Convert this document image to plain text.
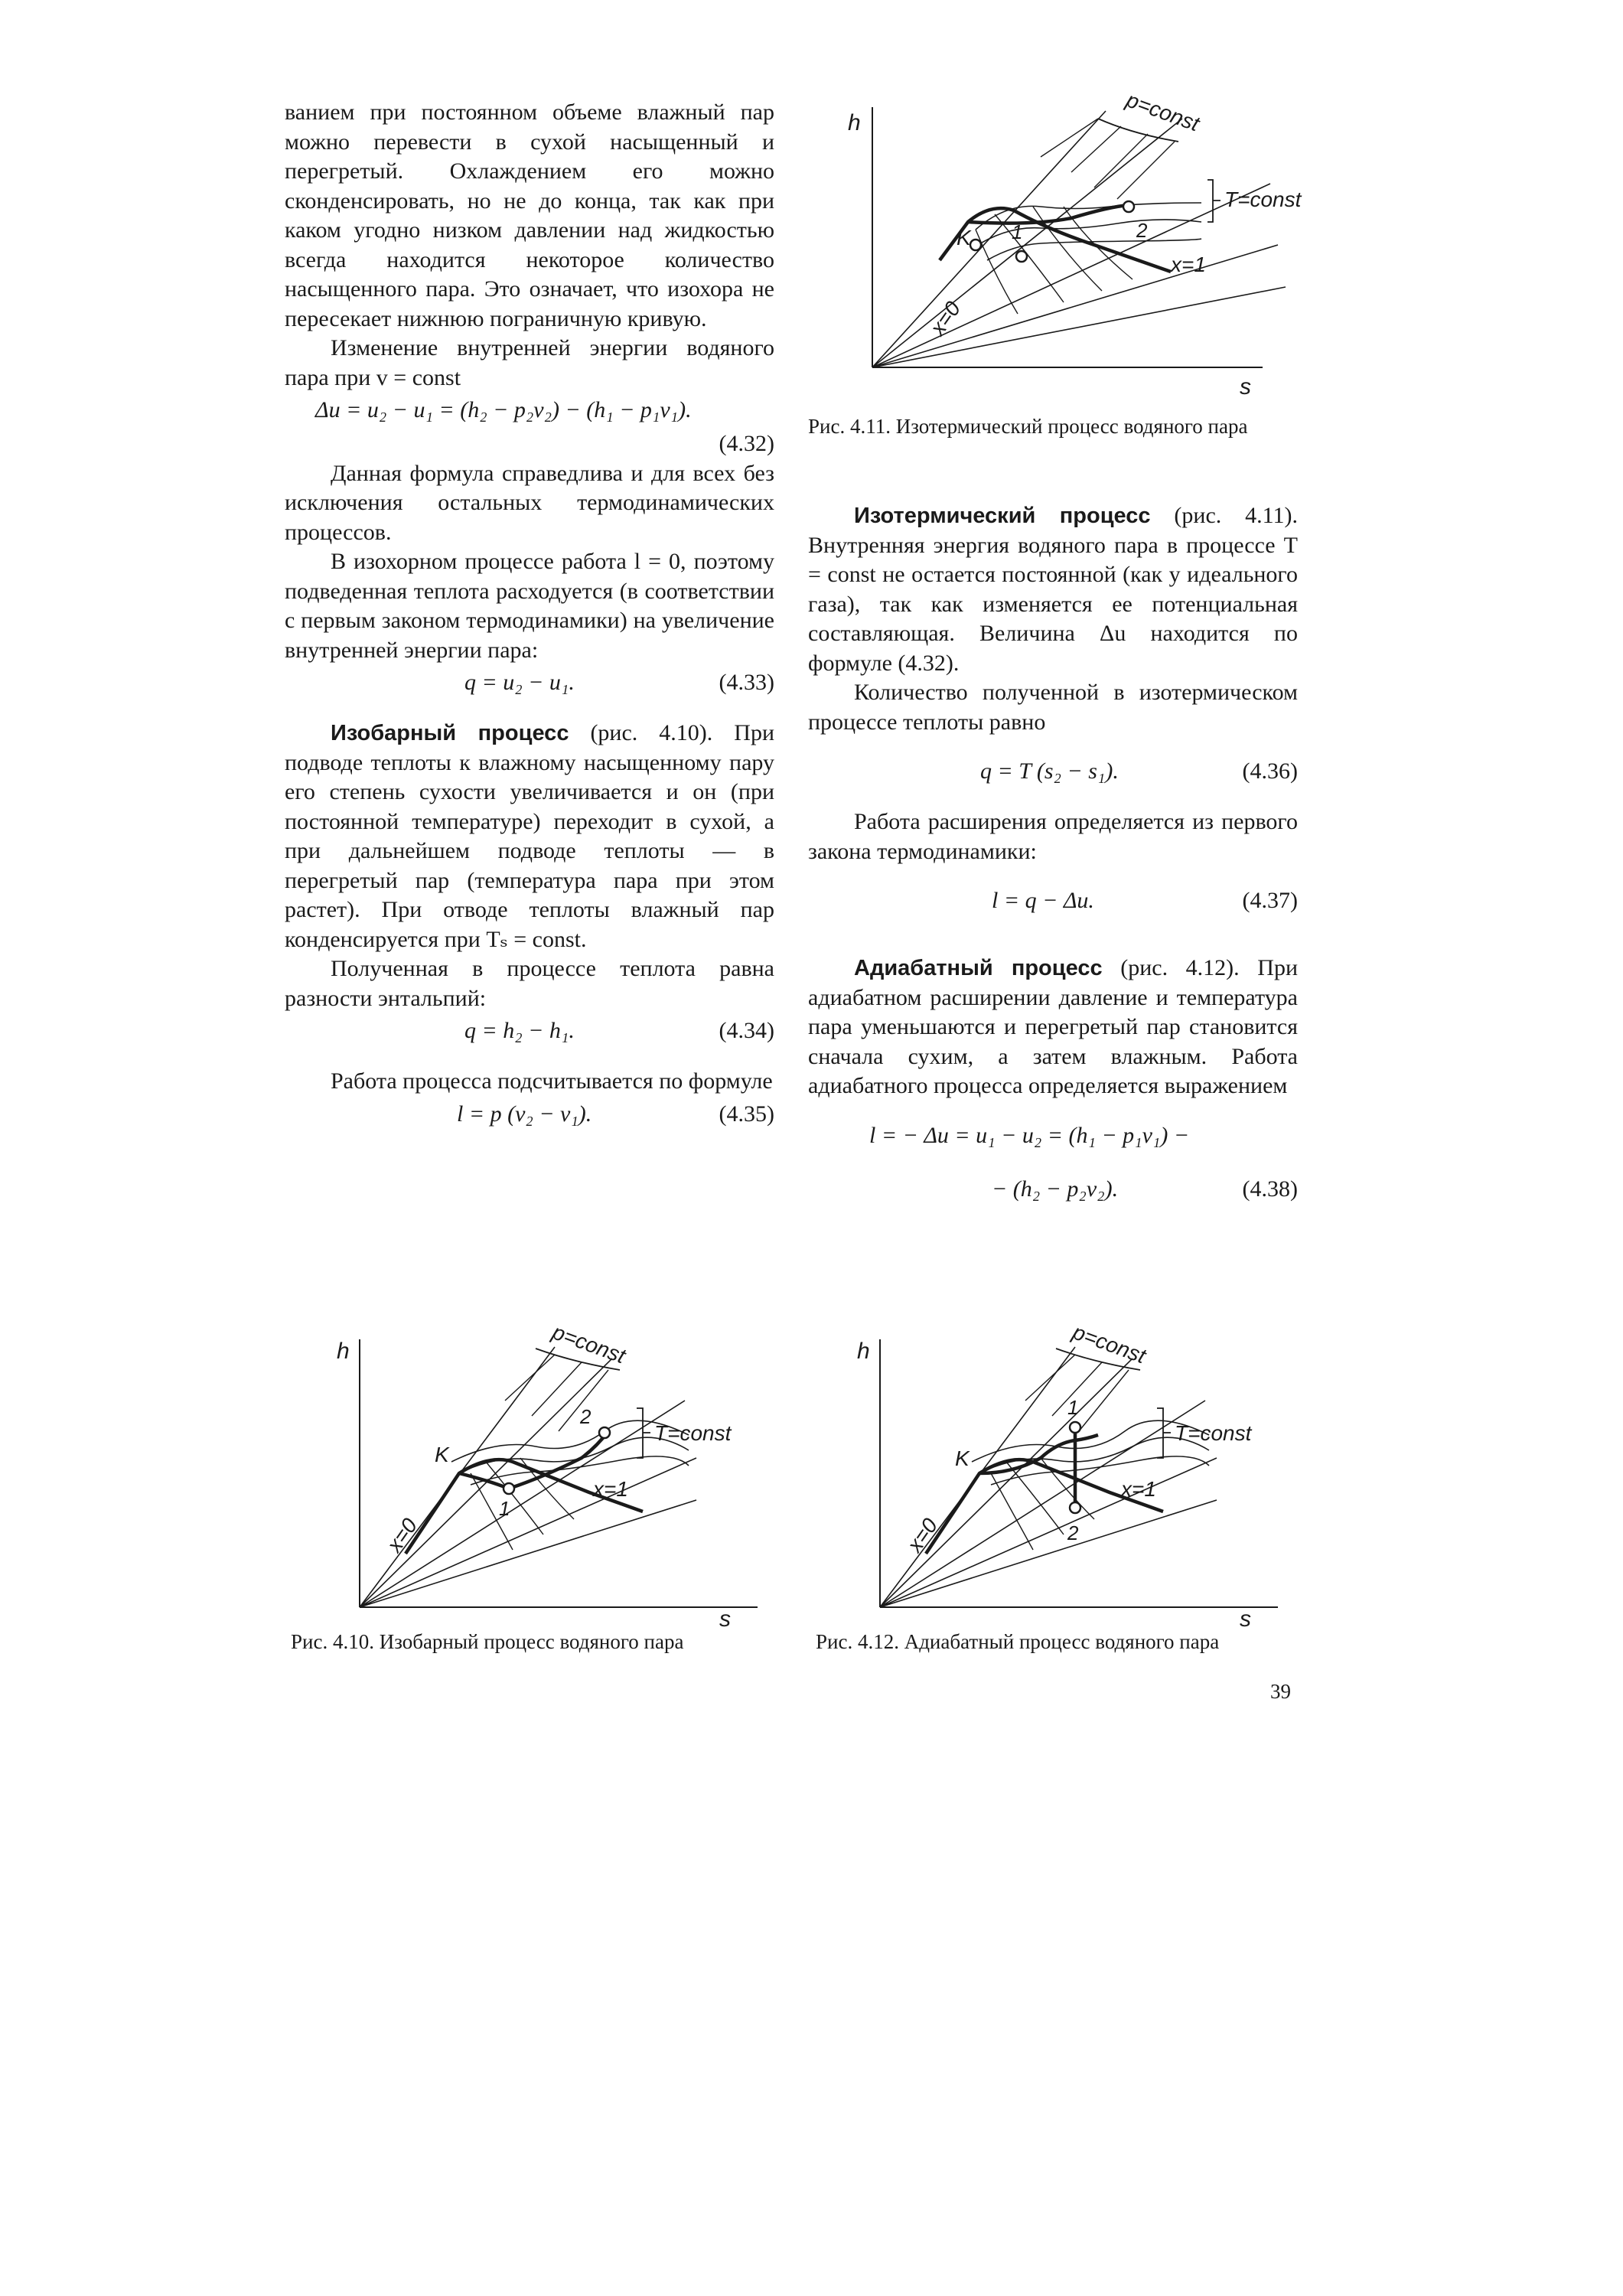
ванием при постоянном объеме влажный пар можно перевести в сухой насыщенный и перегретый. Охлаждением его можно сконденсировать, но не до конца, так как при каком угодно низком давлении над жидкостью всегда находится некоторое количество насыщенного пара. Это означает, что изохора не пересекает нижнюю пограничную кривую.

Изменение внутренней энергии водяного пара при v = const

Δu = u₂ − u₁ = (h₂ − p₂v₂) − (h₁ − p₁v₁).
(4.32)

Данная формула справедлива и для всех без исключения остальных термодинамических процессов.

В изохорном процессе работа l = 0, поэтому подведенная теплота расходуется (в соответствии с первым законом термодинамики) на увеличение внутренней энергии пара:

q = u₂ − u₁.	(4.33)

Изобарный процесс (рис. 4.10). При подводе теплоты к влажному насыщенному пару его степень сухости увеличивается и он (при постоянной температуре) переходит в сухой, а при дальнейшем подводе теплоты — в перегретый пар (температура пара при этом растет). При отводе теплоты влажный пар конденсируется при Tₛ = const.

Полученная в процессе теплота равна разности энтальпий:

q = h₂ − h₁.	(4.34)

Работа процесса подсчитывается по формуле

l = p (v₂ − v₁).	(4.35)

Изотермический процесс (рис. 4.11). Внутренняя энергия водяного пара в процессе T = const не остается постоянной (как у идеального газа), так как изменяется ее потенциальная составляющая. Величина Δu находится по формуле (4.32).

Количество полученной в изотермическом процессе теплоты равно

q = T (s₂ − s₁).	(4.36)

Работа расширения определяется из первого закона термодинамики:

l = q − Δu.	(4.37)

Адиабатный процесс (рис. 4.12). При адиабатном расширении давление и температура пара уменьшаются и перегретый пар становится сначала сухим, а затем влажным. Работа адиабатного процесса определяется выражением

l = − Δu = u₁ − u₂ = (h₁ − p₁v₁) −
− (h₂ − p₂v₂).	(4.38)
h
s
p=const
T=const
x=0
x=1
K 1	2
Рис. 4.11. Изотермический процесс водяного пара
h
s
p=const
T=const
x=0
x=1
K
1
2
Рис. 4.10. Изобарный процесс водяного пара
h
s
p=const
T=const
x=0
x=1
K
1
2
Рис. 4.12. Адиабатный процесс водяного пара
39
